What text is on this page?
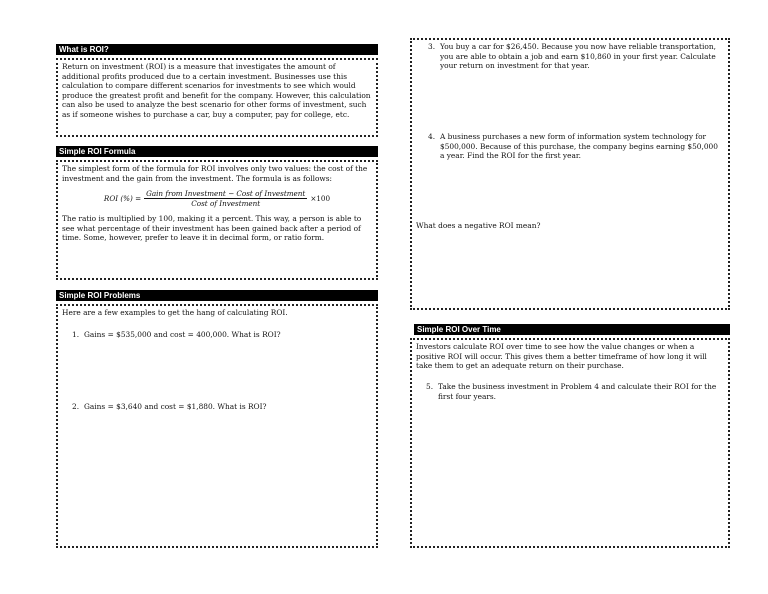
What is ROI?

Return on investment (ROI) is a measure that investigates the amount of additional profits produced due to a certain investment. Businesses use this calculation to compare different scenarios for investments to see which would produce the greatest profit and benefit for the company. However, this calculation can also be used to analyze the best scenario for other forms of investment, such as if someone wishes to purchase a car, buy a computer, pay for college, etc.

Simple ROI Formula

The simplest form of the formula for ROI involves only two values: the cost of the investment and the gain from the investment. The formula is as follows:

ROI (%) = $\frac{\text{Gain from Investment − Cost of Investment}}{\text{Cost of Investment}} \times 100$

The ratio is multiplied by 100, making it a percent. This way, a person is able to see what percentage of their investment has been gained back after a period of time. Some, however, prefer to leave it in decimal form, or ratio form.

Simple ROI Problems

Here are a few examples to get the hang of calculating ROI.

1. Gains = $535,000 and cost = 400,000. What is ROI?
2. Gains = $3,640 and cost = $1,880. What is ROI?
3. You buy a car for $26,450. Because you now have reliable transportation, you are able to obtain a job and earn $10,860 in your first year. Calculate your return on investment for that year.
4. A business purchases a new form of information system technology for $500,000. Because of this purchase, the company begins earning $50,000 a year. Find the ROI for the first year.
What does a negative ROI mean?
Simple ROI Over Time

Investors calculate ROI over time to see how the value changes or when a positive ROI will occur. This gives them a better timeframe of how long it will take them to get an adequate return on their purchase.

5. Take the business investment in Problem 4 and calculate their ROI for the first four years.
